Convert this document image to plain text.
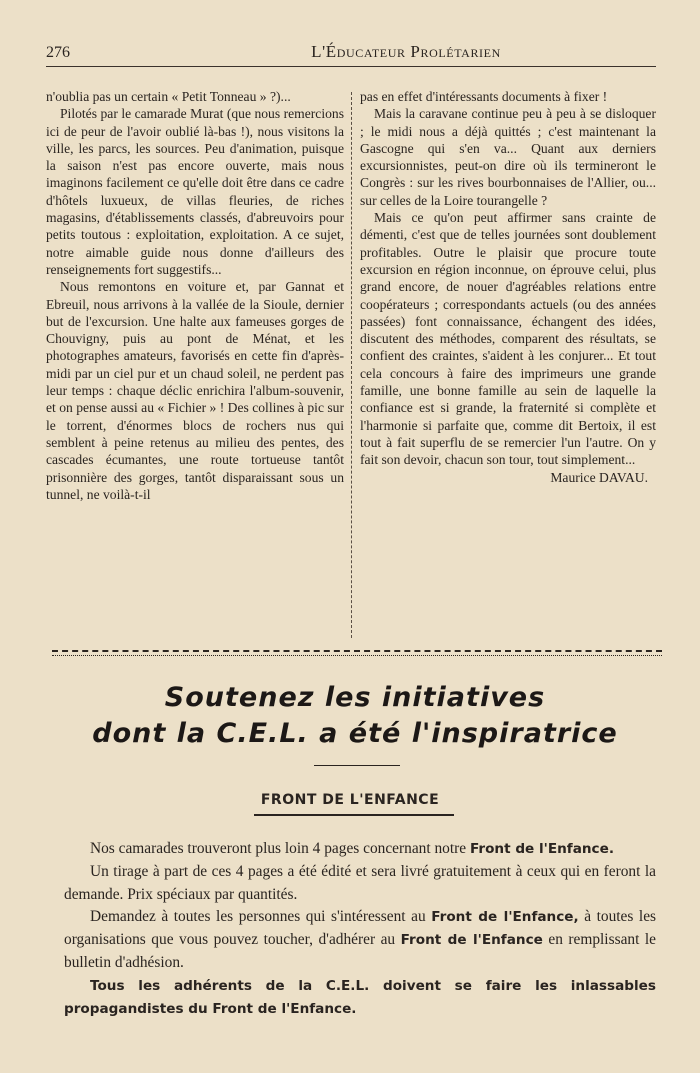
276	L'Éducateur Prolétarien

n'oublia pas un certain « Petit Tonneau » ?)...

Pilotés par le camarade Murat (que nous remercions ici de peur de l'avoir oublié là-bas !), nous visitons la ville, les parcs, les sources. Peu d'animation, puisque la saison n'est pas encore ouverte, mais nous imaginons facilement ce qu'elle doit être dans ce cadre d'hôtels luxueux, de villas fleuries, de riches magasins, d'établissements classés, d'abreuvoirs pour petits toutous : exploitation, exploitation. A ce sujet, notre aimable guide nous donne d'ailleurs des renseignements fort suggestifs...

Nous remontons en voiture et, par Gannat et Ebreuil, nous arrivons à la vallée de la Sioule, dernier but de l'excursion. Une halte aux fameuses gorges de Chouvigny, puis au pont de Ménat, et les photographes amateurs, favorisés en cette fin d'après-midi par un ciel pur et un chaud soleil, ne perdent pas leur temps : chaque déclic enrichira l'album-souvenir, et on pense aussi au « Fichier » ! Des collines à pic sur le torrent, d'énormes blocs de rochers nus qui semblent à peine retenus au milieu des pentes, des cascades écumantes, une route tortueuse tantôt prisonnière des gorges, tantôt disparaissant sous un tunnel, ne voilà-t-il

pas en effet d'intéressants documents à fixer !

Mais la caravane continue peu à peu à se disloquer ; le midi nous a déjà quittés ; c'est maintenant la Gascogne qui s'en va... Quant aux derniers excursionnistes, peut-on dire où ils termineront le Congrès : sur les rives bourbonnaises de l'Allier, ou... sur celles de la Loire tourangelle ?

Mais ce qu'on peut affirmer sans crainte de démenti, c'est que de telles journées sont doublement profitables. Outre le plaisir que procure toute excursion en région inconnue, on éprouve celui, plus grand encore, de nouer d'agréables relations entre coopérateurs ; correspondants actuels (ou des années passées) font connaissance, échangent des idées, discutent des méthodes, comparent des résultats, se confient des craintes, s'aident à les conjurer... Et tout cela concours à faire des imprimeurs une grande famille, une bonne famille au sein de laquelle la confiance est si grande, la fraternité si complète et l'harmonie si parfaite que, comme dit Bertoix, il est tout à fait superflu de se remercier l'un l'autre. On y fait son devoir, chacun son tour, tout simplement...

Maurice DAVAU.

Soutenez les initiatives
dont la C.E.L. a été l'inspiratrice
FRONT DE L'ENFANCE

Nos camarades trouveront plus loin 4 pages concernant notre Front de l'Enfance.

Un tirage à part de ces 4 pages a été édité et sera livré gratuitement à ceux qui en feront la demande. Prix spéciaux par quantités.

Demandez à toutes les personnes qui s'intéressent au Front de l'Enfance, à toutes les organisations que vous pouvez toucher, d'adhérer au Front de l'Enfance en remplissant le bulletin d'adhésion.

Tous les adhérents de la C.E.L. doivent se faire les inlassables propagandistes du Front de l'Enfance.
